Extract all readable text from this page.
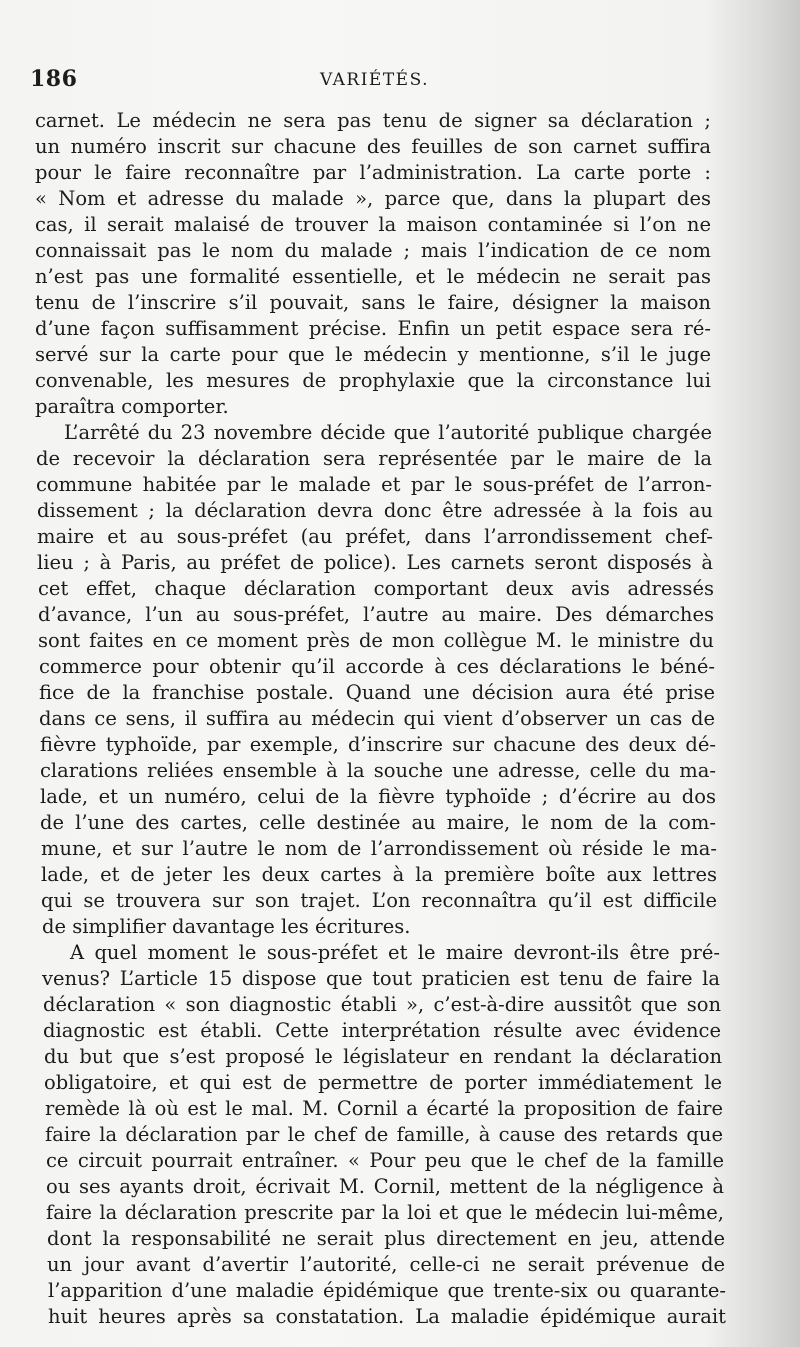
186	VARIÉTÉS.
carnet. Le médecin ne sera pas tenu de signer sa déclaration ;
un numéro inscrit sur chacune des feuilles de son carnet suffira
pour le faire reconnaître par l’administration. La carte porte :
« Nom et adresse du malade », parce que, dans la plupart des
cas, il serait malaisé de trouver la maison contaminée si l’on ne
connaissait pas le nom du malade ; mais l’indication de ce nom
n’est pas une formalité essentielle, et le médecin ne serait pas
tenu de l’inscrire s’il pouvait, sans le faire, désigner la maison
d’une façon suffisamment précise. Enfin un petit espace sera ré-
servé sur la carte pour que le médecin y mentionne, s’il le juge
convenable, les mesures de prophylaxie que la circonstance lui
paraîtra comporter.
L’arrêté du 23 novembre décide que l’autorité publique chargée
de recevoir la déclaration sera représentée par le maire de la
commune habitée par le malade et par le sous-préfet de l’arron-
dissement ; la déclaration devra donc être adressée à la fois au
maire et au sous-préfet (au préfet, dans l’arrondissement chef-
lieu ; à Paris, au préfet de police). Les carnets seront disposés à
cet effet, chaque déclaration comportant deux avis adressés
d’avance, l’un au sous-préfet, l’autre au maire. Des démarches
sont faites en ce moment près de mon collègue M. le ministre du
commerce pour obtenir qu’il accorde à ces déclarations le béné-
fice de la franchise postale. Quand une décision aura été prise
dans ce sens, il suffira au médecin qui vient d’observer un cas de
fièvre typhoïde, par exemple, d’inscrire sur chacune des deux dé-
clarations reliées ensemble à la souche une adresse, celle du ma-
lade, et un numéro, celui de la fièvre typhoïde ; d’écrire au dos
de l’une des cartes, celle destinée au maire, le nom de la com-
mune, et sur l’autre le nom de l’arrondissement où réside le ma-
lade, et de jeter les deux cartes à la première boîte aux lettres
qui se trouvera sur son trajet. L’on reconnaîtra qu’il est difficile
de simplifier davantage les écritures.
A quel moment le sous-préfet et le maire devront-ils être pré-
venus? L’article 15 dispose que tout praticien est tenu de faire la
déclaration « son diagnostic établi », c’est-à-dire aussitôt que son
diagnostic est établi. Cette interprétation résulte avec évidence
du but que s’est proposé le législateur en rendant la déclaration
obligatoire, et qui est de permettre de porter immédiatement le
remède là où est le mal. M. Cornil a écarté la proposition de faire
faire la déclaration par le chef de famille, à cause des retards que
ce circuit pourrait entraîner. « Pour peu que le chef de la famille
ou ses ayants droit, écrivait M. Cornil, mettent de la négligence à
faire la déclaration prescrite par la loi et que le médecin lui-même,
dont la responsabilité ne serait plus directement en jeu, attende
un jour avant d’avertir l’autorité, celle-ci ne serait prévenue de
l’apparition d’une maladie épidémique que trente-six ou quarante-
huit heures après sa constatation. La maladie épidémique aurait
